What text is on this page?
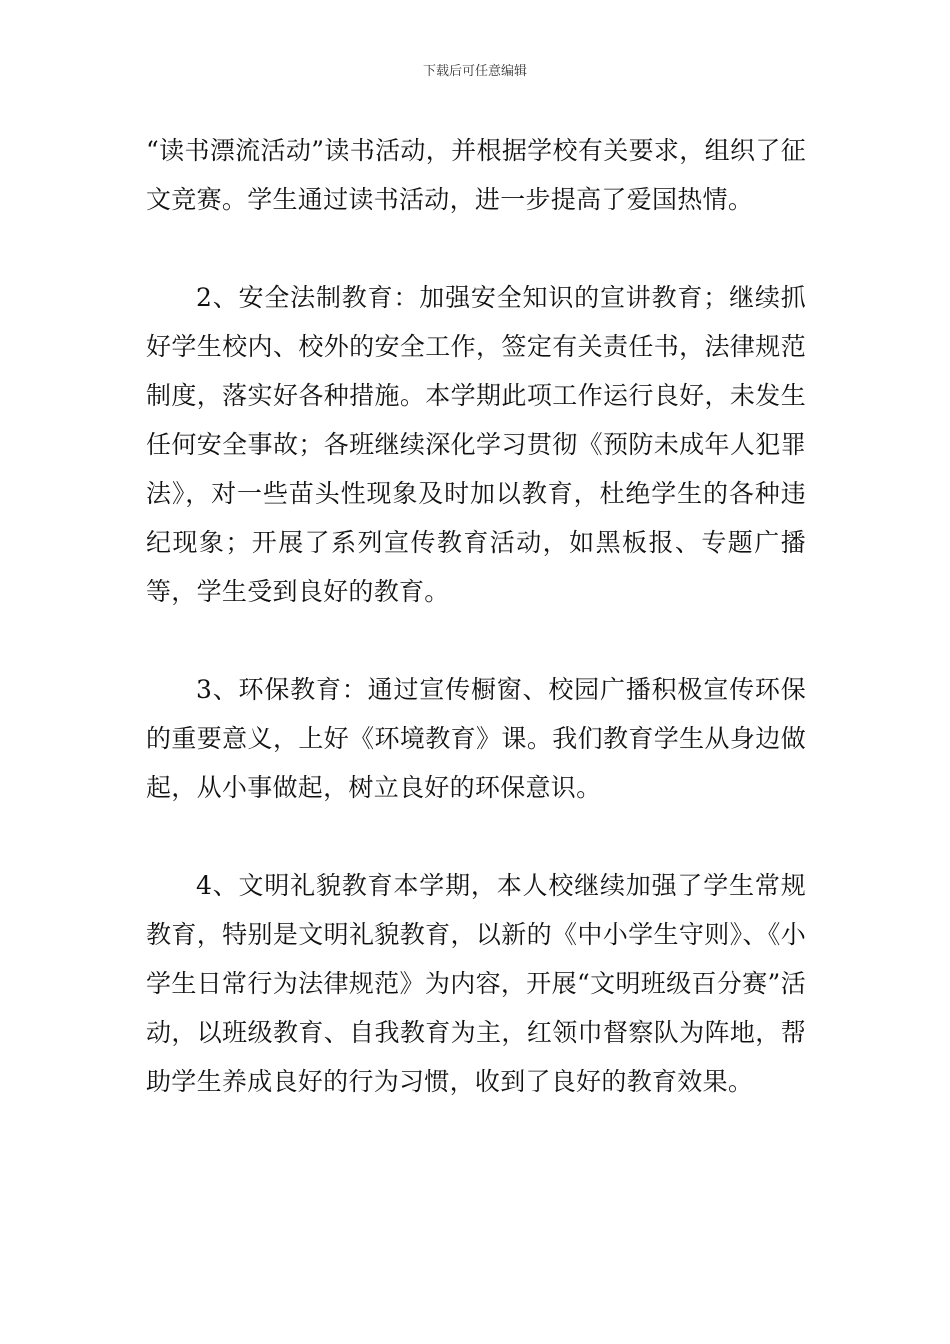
下载后可任意编辑

“读书漂流活动”读书活动，并根据学校有关要求，组织了征文竞赛。学生通过读书活动，进一步提高了爱国热情。

2、安全法制教育：加强安全知识的宣讲教育；继续抓好学生校内、校外的安全工作，签定有关责任书，法律规范制度，落实好各种措施。本学期此项工作运行良好，未发生任何安全事故；各班继续深化学习贯彻《预防未成年人犯罪法》，对一些苗头性现象及时加以教育，杜绝学生的各种违纪现象；开展了系列宣传教育活动，如黑板报、专题广播等，学生受到良好的教育。

3、环保教育：通过宣传橱窗、校园广播积极宣传环保的重要意义，上好《环境教育》课。我们教育学生从身边做起，从小事做起，树立良好的环保意识。

4、文明礼貌教育本学期，本人校继续加强了学生常规教育，特别是文明礼貌教育，以新的《中小学生守则》、《小学生日常行为法律规范》为内容，开展“文明班级百分赛”活动，以班级教育、自我教育为主，红领巾督察队为阵地，帮助学生养成良好的行为习惯，收到了良好的教育效果。
